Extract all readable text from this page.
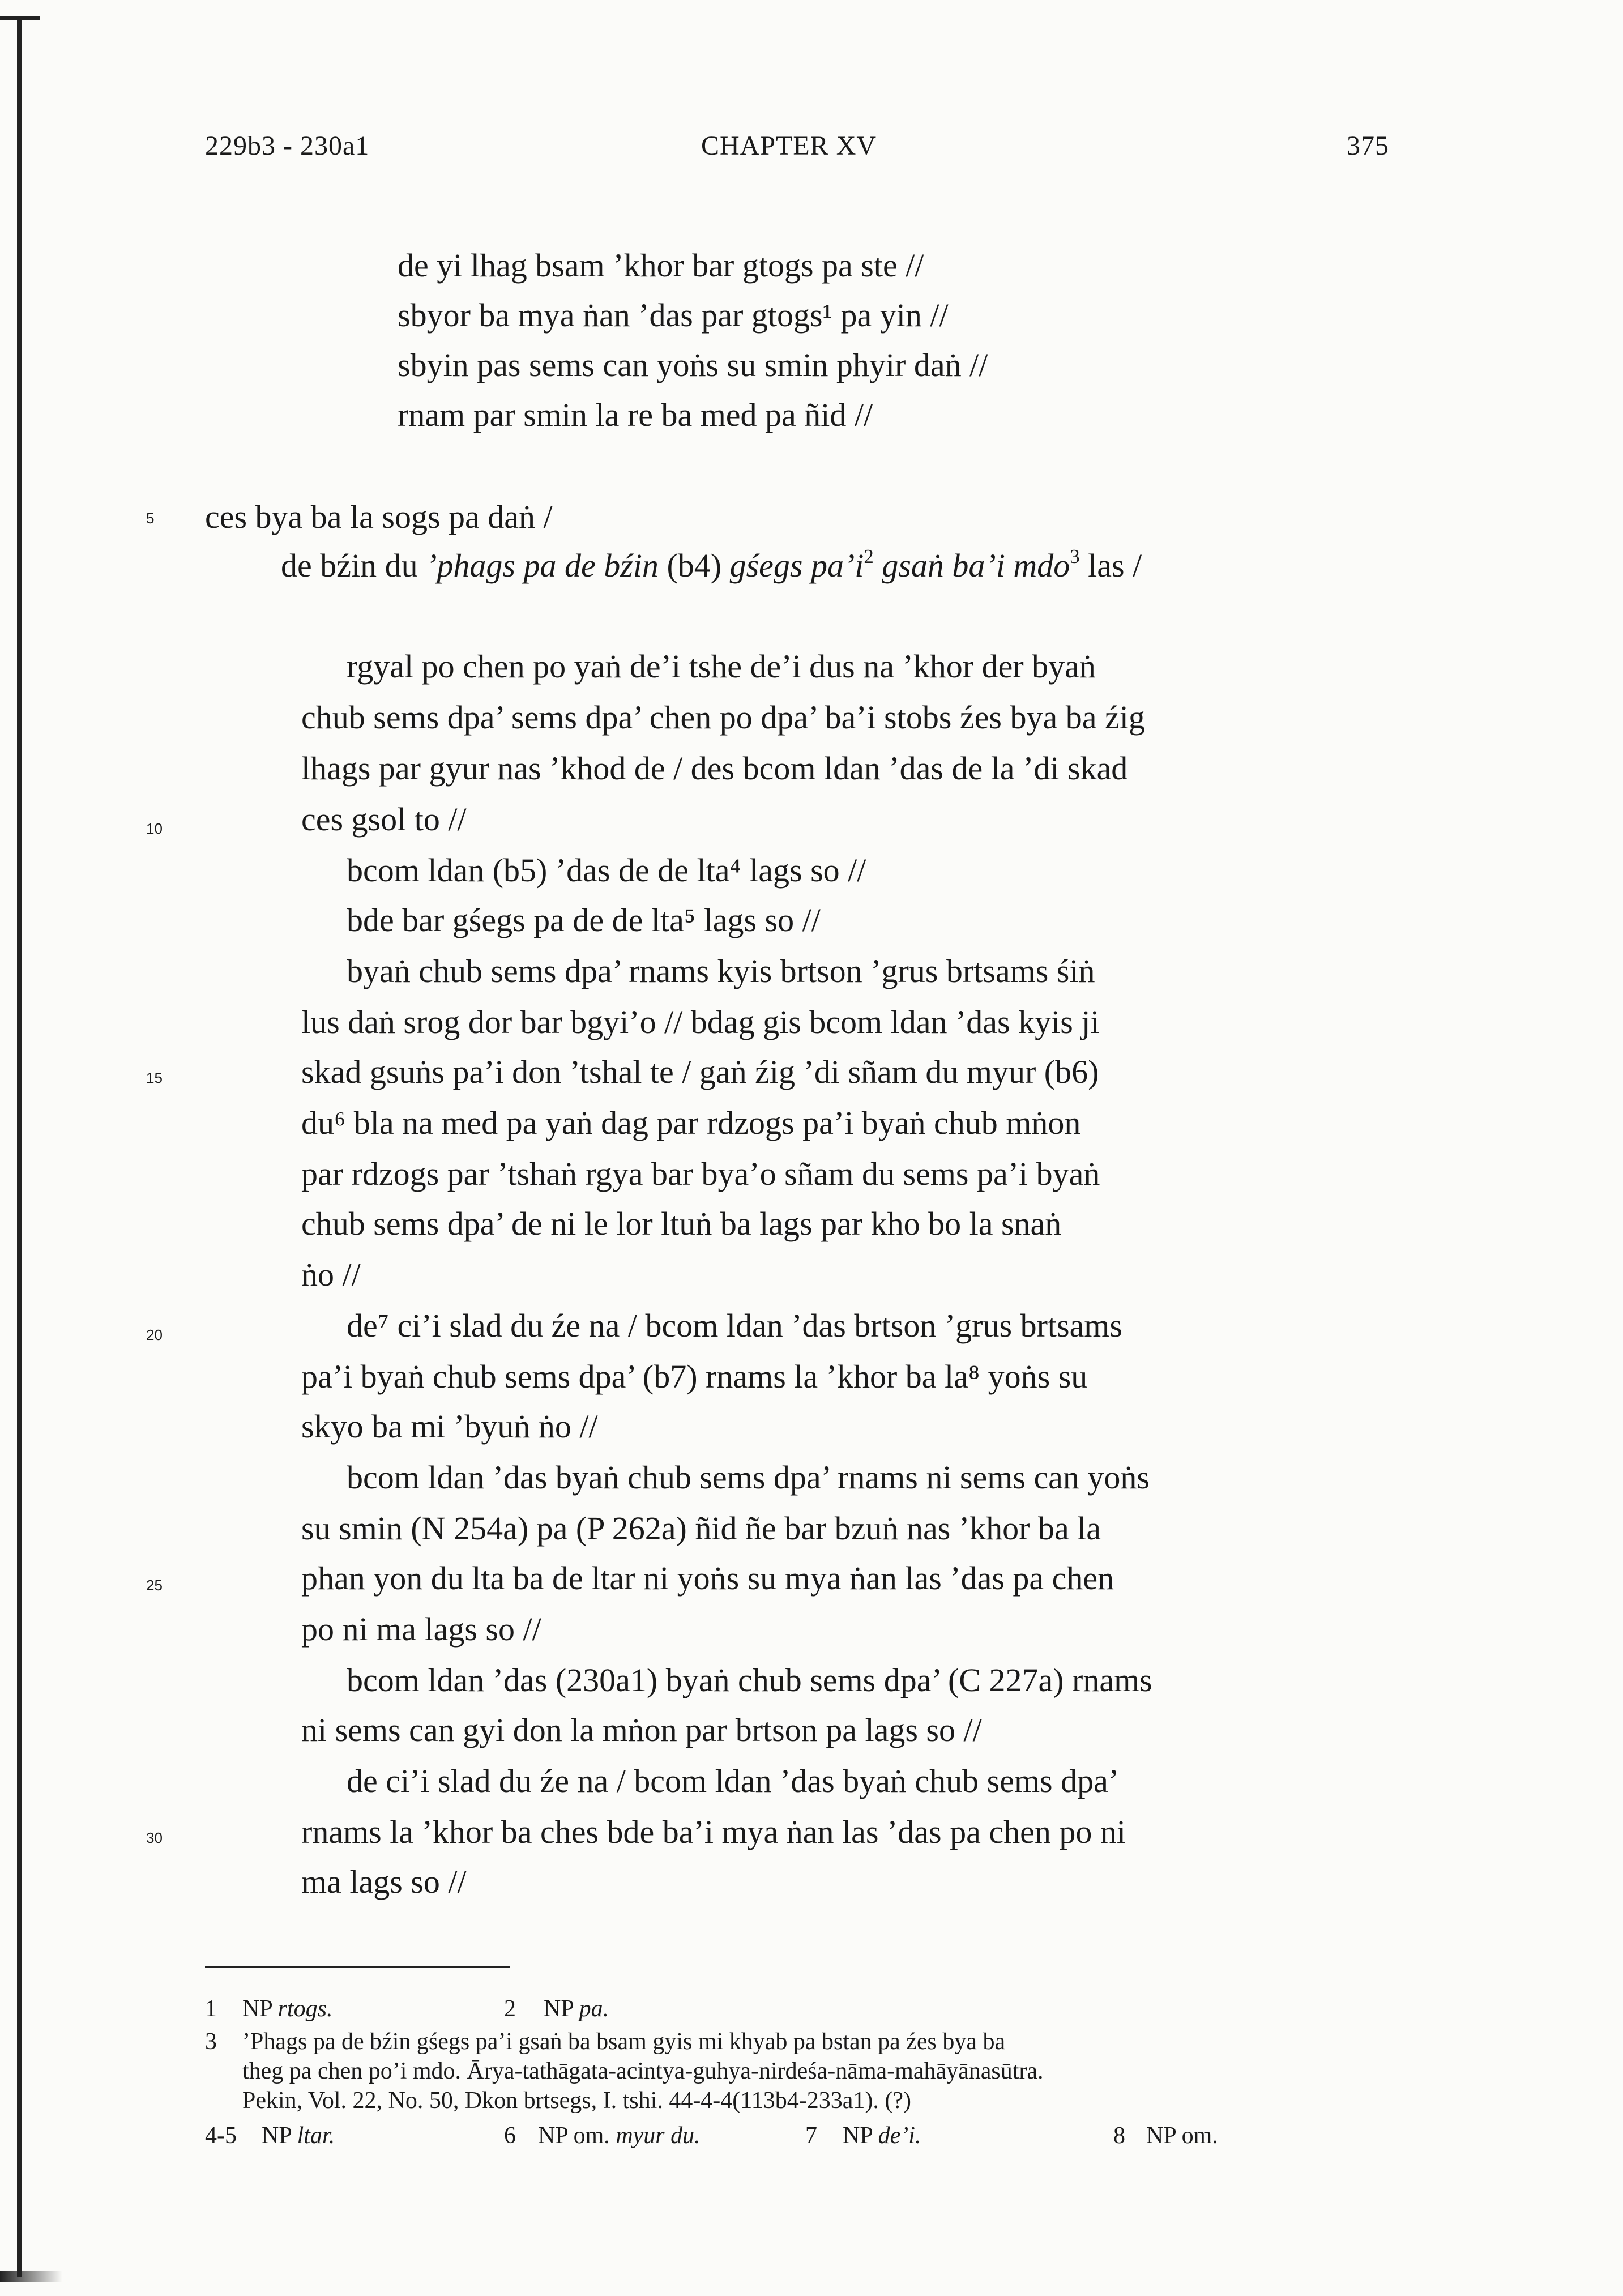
229b3 - 230a1	CHAPTER XV	375
de yi lhag bsam ’khor bar gtogs pa ste //
sbyor ba mya ṅan ’das par gtogs¹ pa yin //
sbyin pas sems can yoṅs su smin phyir daṅ //
rnam par smin la re ba med pa ñid //
5
10
15
20
25
30
ces bya ba la sogs pa daṅ /
de bźin du ’phags pa de bźin (b4) gśegs $pa’i^2$ gsaṅ ba’i mdo$^3$ las /
rgyal po chen po yaṅ de’i tshe de’i dus na ’khor der byaṅ
chub sems dpa’ sems dpa’ chen po dpa’ ba’i stobs źes bya ba źig
lhags par gyur nas ’khod de / des bcom ldan ’das de la ’di skad
ces gsol to //
bcom ldan (b5) ’das de de lta⁴ lags so //
bde bar gśegs pa de de lta⁵ lags so //
byaṅ chub sems dpa’ rnams kyis brtson ’grus brtsams śiṅ
lus daṅ srog dor bar bgyi’o // bdag gis bcom ldan ’das kyis ji
skad gsuṅs pa’i don ’tshal te / gaṅ źig ’di sñam du myur (b6)
du⁶ bla na med pa yaṅ dag par rdzogs pa’i byaṅ chub mṅon
par rdzogs par ’tshaṅ rgya bar bya’o sñam du sems pa’i byaṅ
chub sems dpa’ de ni le lor ltuṅ ba lags par kho bo la snaṅ
ṅo //
de⁷ ci’i slad du źe na / bcom ldan ’das brtson ’grus brtsams
pa’i byaṅ chub sems dpa’ (b7) rnams la ’khor ba la⁸ yoṅs su
skyo ba mi ’byuṅ ṅo //
bcom ldan ’das byaṅ chub sems dpa’ rnams ni sems can yoṅs
su smin (N 254a) pa (P 262a) ñid ñe bar bzuṅ nas ’khor ba la
phan yon du lta ba de ltar ni yoṅs su mya ṅan las ’das pa chen
po ni ma lags so //
bcom ldan ’das (230a1) byaṅ chub sems dpa’ (C 227a) rnams
ni sems can gyi don la mṅon par brtson pa lags so //
de ci’i slad du źe na / bcom ldan ’das byaṅ chub sems dpa’
rnams la ’khor ba ches bde ba’i mya ṅan las ’das pa chen po ni
ma lags so //
1 NP rtogs.	2 NP pa.
3 ’Phags pa de bźin gśegs pa’i gsaṅ ba bsam gyis mi khyab pa bstan pa źes bya ba
theg pa chen po’i mdo. Ārya-tathāgata-acintya-guhya-nirdeśa-nāma-mahāyānasūtra.
Pekin, Vol. 22, No. 50, Dkon brtsegs, I. tshi. 44-4-4(113b4-233a1). (?)
4-5 NP ltar.	6 NP om. myur du.	7 NP de’i.	8 NP om.
